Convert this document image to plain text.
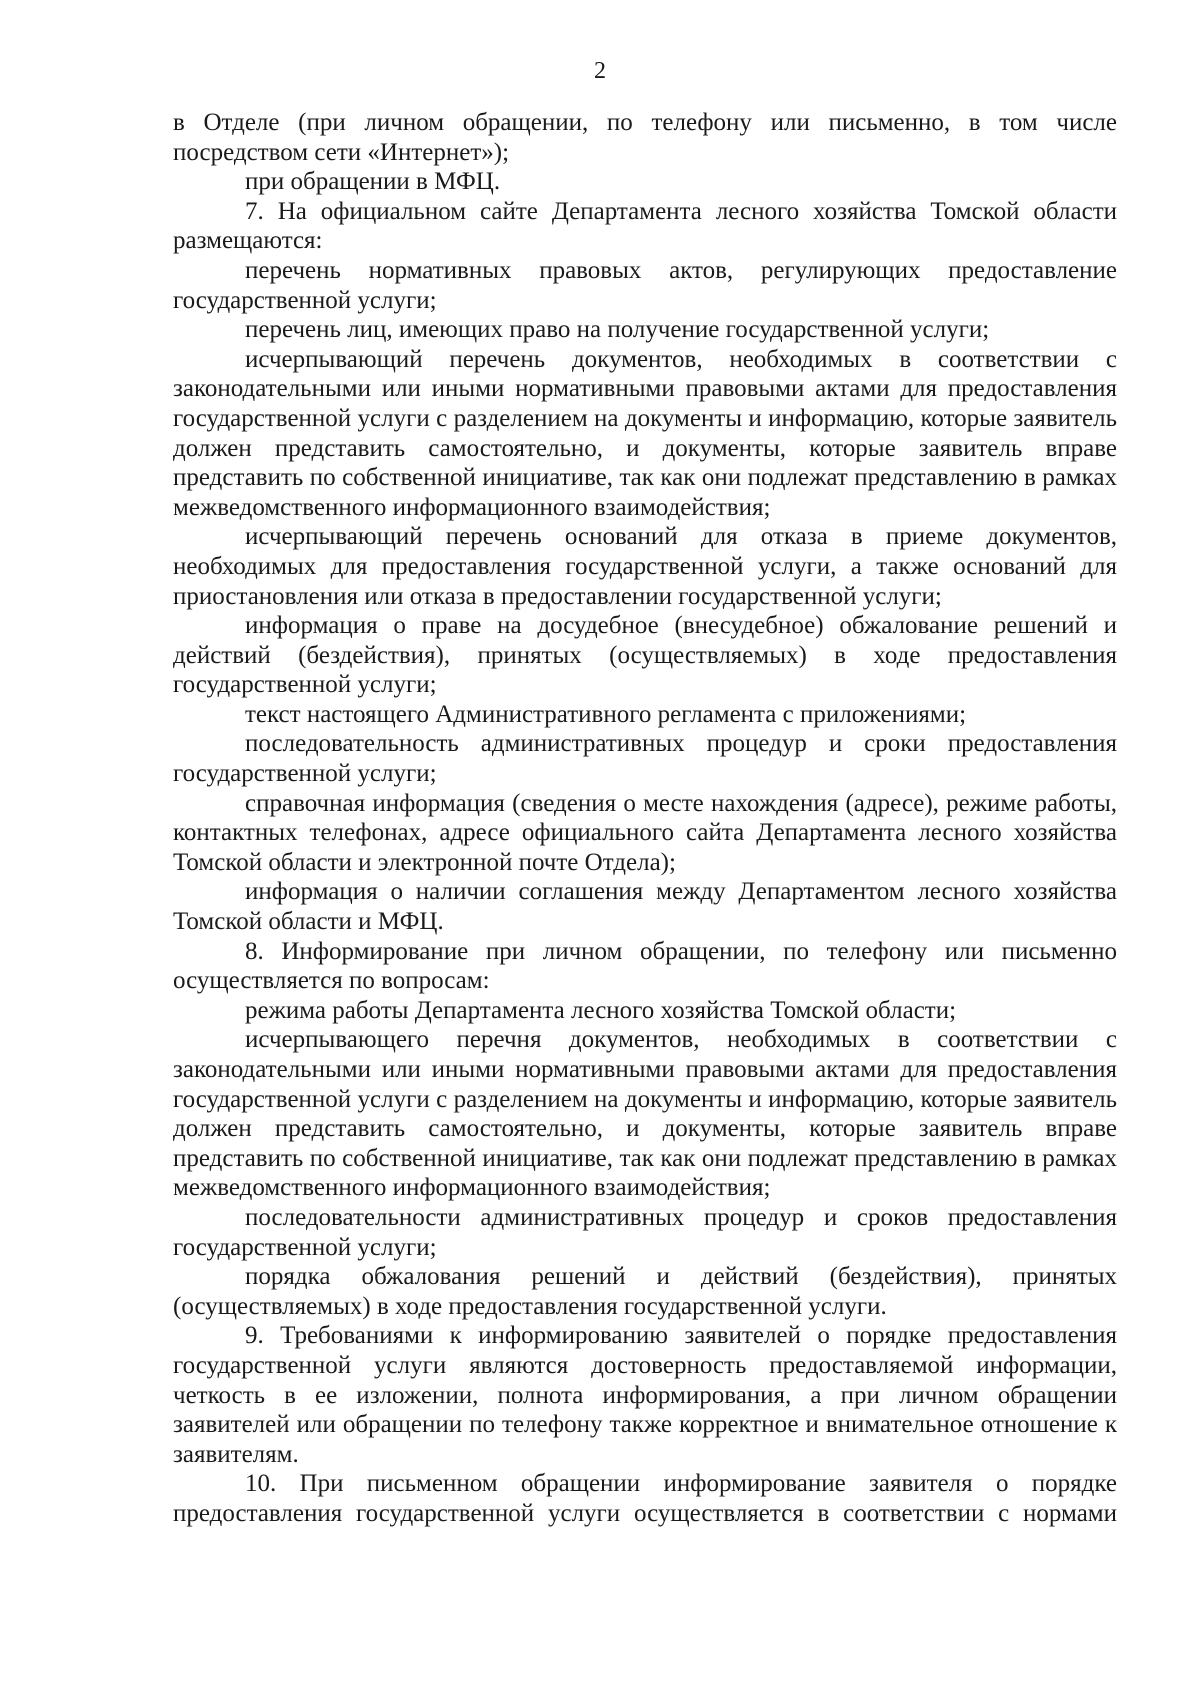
2

в Отделе (при личном обращении, по телефону или письменно, в том числе посредством сети «Интернет»);

при обращении в МФЦ.

7. На официальном сайте Департамента лесного хозяйства Томской области размещаются:

перечень нормативных правовых актов, регулирующих предоставление государственной услуги;

перечень лиц, имеющих право на получение государственной услуги;

исчерпывающий перечень документов, необходимых в соответствии с законодательными или иными нормативными правовыми актами для предоставления государственной услуги с разделением на документы и информацию, которые заявитель должен представить самостоятельно, и документы, которые заявитель вправе представить по собственной инициативе, так как они подлежат представлению в рамках межведомственного информационного взаимодействия;

исчерпывающий перечень оснований для отказа в приеме документов, необходимых для предоставления государственной услуги, а также оснований для приостановления или отказа в предоставлении государственной услуги;

информация о праве на досудебное (внесудебное) обжалование решений и действий (бездействия), принятых (осуществляемых) в ходе предоставления государственной услуги;

текст настоящего Административного регламента с приложениями;

последовательность административных процедур и сроки предоставления государственной услуги;

справочная информация (сведения о месте нахождения (адресе), режиме работы, контактных телефонах, адресе официального сайта Департамента лесного хозяйства Томской области и электронной почте Отдела);

информация о наличии соглашения между Департаментом лесного хозяйства Томской области и МФЦ.

8. Информирование при личном обращении, по телефону или письменно осуществляется по вопросам:

режима работы Департамента лесного хозяйства Томской области;

исчерпывающего перечня документов, необходимых в соответствии с законодательными или иными нормативными правовыми актами для предоставления государственной услуги с разделением на документы и информацию, которые заявитель должен представить самостоятельно, и документы, которые заявитель вправе представить по собственной инициативе, так как они подлежат представлению в рамках межведомственного информационного взаимодействия;

последовательности административных процедур и сроков предоставления государственной услуги;

порядка обжалования решений и действий (бездействия), принятых (осуществляемых) в ходе предоставления государственной услуги.

9. Требованиями к информированию заявителей о порядке предоставления государственной услуги являются достоверность предоставляемой информации, четкость в ее изложении, полнота информирования, а при личном обращении заявителей или обращении по телефону также корректное и внимательное отношение к заявителям.

10. При письменном обращении информирование заявителя о порядке предоставления государственной услуги осуществляется в соответствии с нормами
